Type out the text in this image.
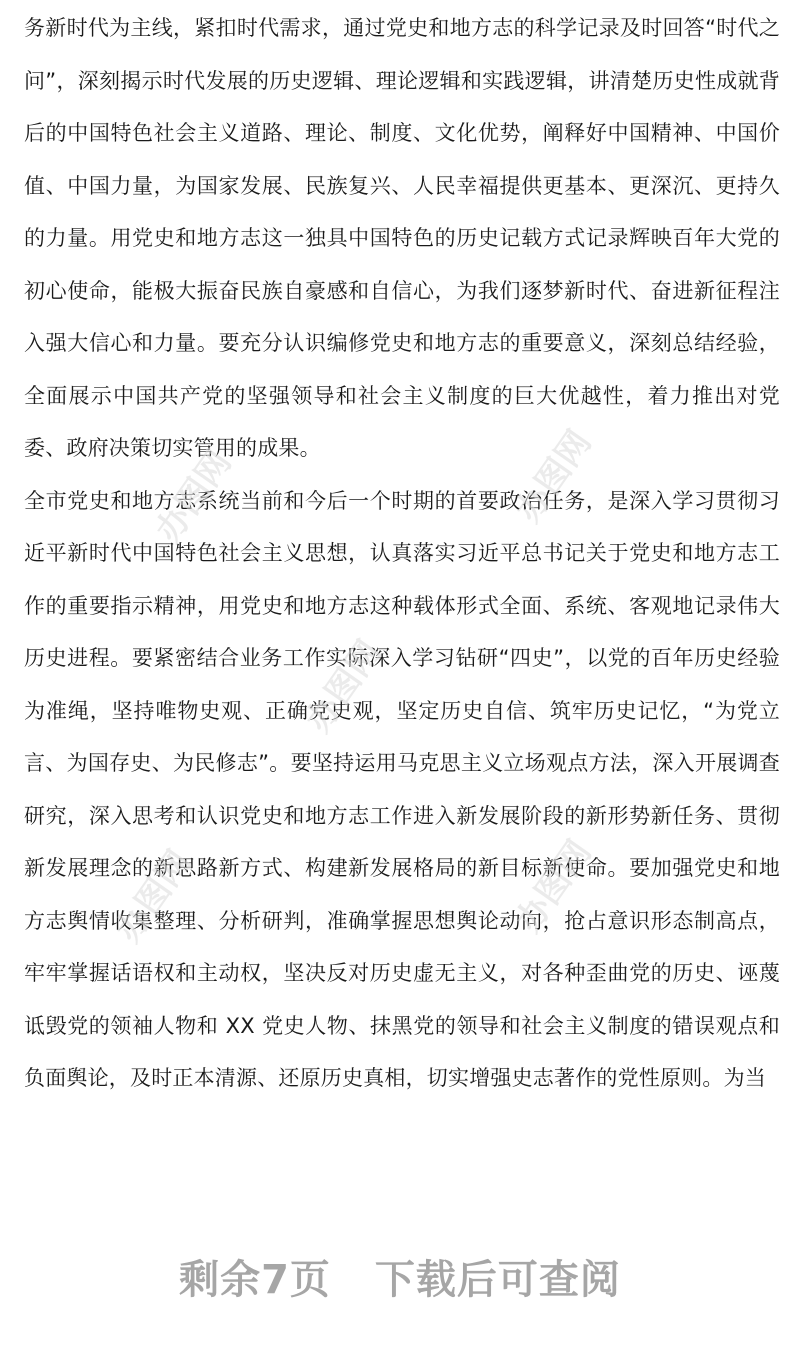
务新时代为主线，紧扣时代需求，通过党史和地方志的科学记录及时回答“时代之问”，深刻揭示时代发展的历史逻辑、理论逻辑和实践逻辑，讲清楚历史性成就背后的中国特色社会主义道路、理论、制度、文化优势，阐释好中国精神、中国价值、中国力量，为国家发展、民族复兴、人民幸福提供更基本、更深沉、更持久的力量。用党史和地方志这一独具中国特色的历史记载方式记录辉映百年大党的初心使命，能极大振奋民族自豪感和自信心，为我们逐梦新时代、奋进新征程注入强大信心和力量。要充分认识编修党史和地方志的重要意义，深刻总结经验，全面展示中国共产党的坚强领导和社会主义制度的巨大优越性，着力推出对党委、政府决策切实管用的成果。

全市党史和地方志系统当前和今后一个时期的首要政治任务，是深入学习贯彻习近平新时代中国特色社会主义思想，认真落实习近平总书记关于党史和地方志工作的重要指示精神，用党史和地方志这种载体形式全面、系统、客观地记录伟大历史进程。要紧密结合业务工作实际深入学习钻研“四史”，以党的百年历史经验为准绳，坚持唯物史观、正确党史观，坚定历史自信、筑牢历史记忆，“为党立言、为国存史、为民修志”。要坚持运用马克思主义立场观点方法，深入开展调查研究，深入思考和认识党史和地方志工作进入新发展阶段的新形势新任务、贯彻新发展理念的新思路新方式、构建新发展格局的新目标新使命。要加强党史和地方志舆情收集整理、分析研判，准确掌握思想舆论动向，抢占意识形态制高点，牢牢掌握话语权和主动权，坚决反对历史虚无主义，对各种歪曲党的历史、诬蔑诋毁党的领袖人物和 XX 党史人物、抹黑党的领导和社会主义制度的错误观点和负面舆论，及时正本清源、还原历史真相，切实增强史志著作的党性原则。为当

办图网	办图网
办图网
办图网	办图网
剩余7页 下载后可查阅
